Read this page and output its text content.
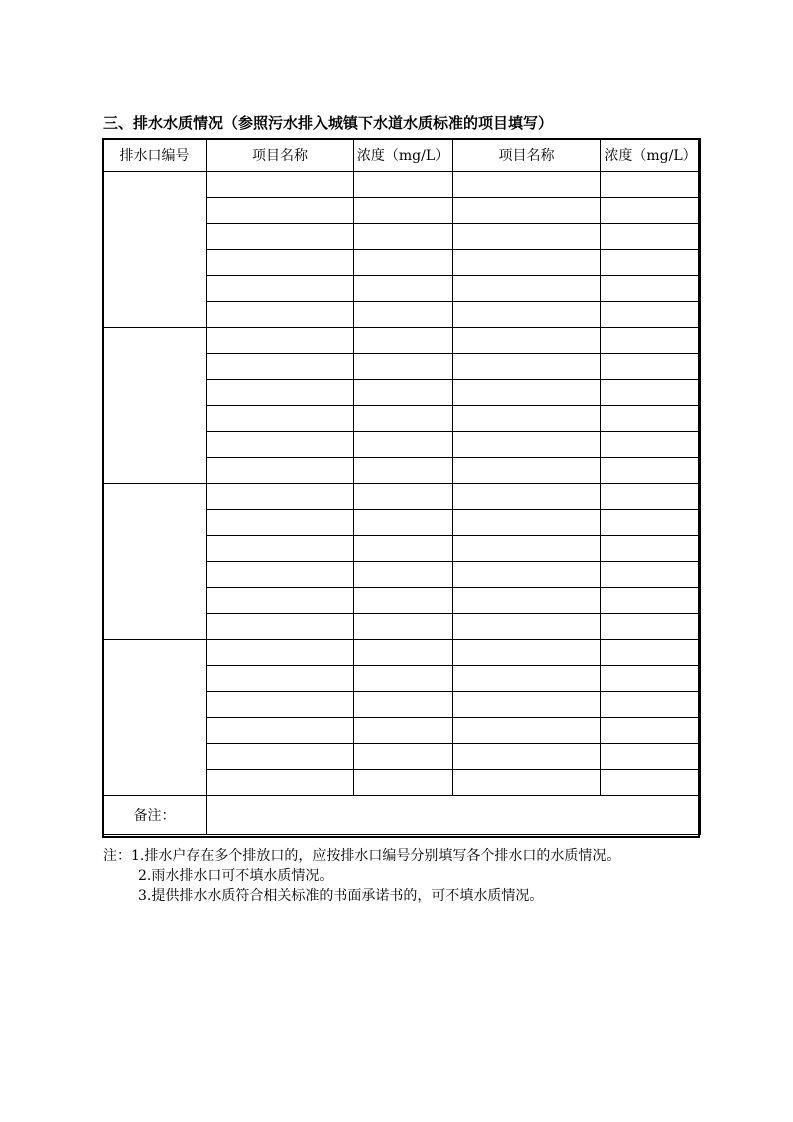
三、排水水质情况（参照污水排入城镇下水道水质标准的项目填写）
排水口编号	项目名称	浓度（mg/L）	项目名称	浓度（mg/L）

备注：				
注：1.排水户存在多个排放口的，应按排水口编号分别填写各个排水口的水质情况。
2.雨水排水口可不填水质情况。
3.提供排水水质符合相关标准的书面承诺书的，可不填水质情况。
